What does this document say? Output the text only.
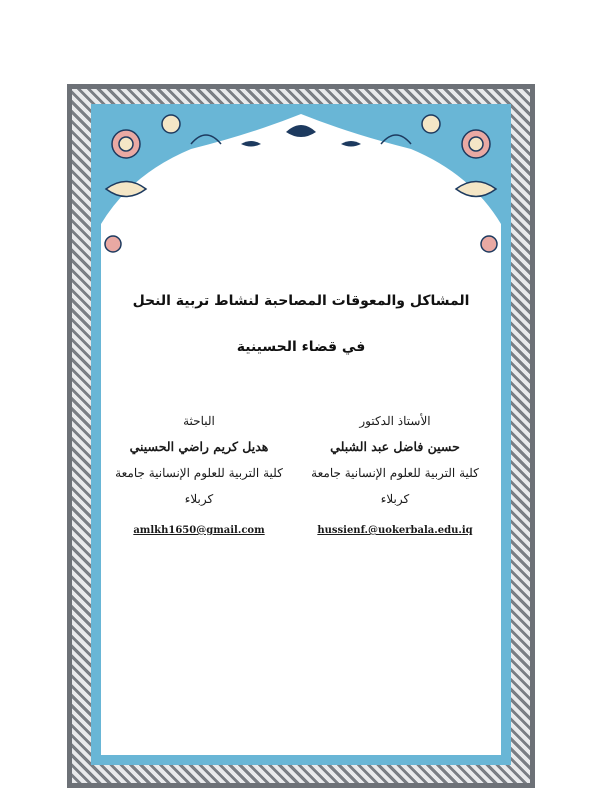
المشاكل والمعوقات المصاحبة لنشاط تربية النحل
في قضاء الحسينية
الأستاذ الدكتور
حسين فاضل عبد الشبلي
كلية التربية للعلوم الإنسانية جامعة
كربلاء
hussienf.@uokerbala.edu.iq
الباحثة
هديل كريم راضي الحسيني
كلية التربية للعلوم الإنسانية جامعة
كربلاء
amlkh1650@gmail.com
